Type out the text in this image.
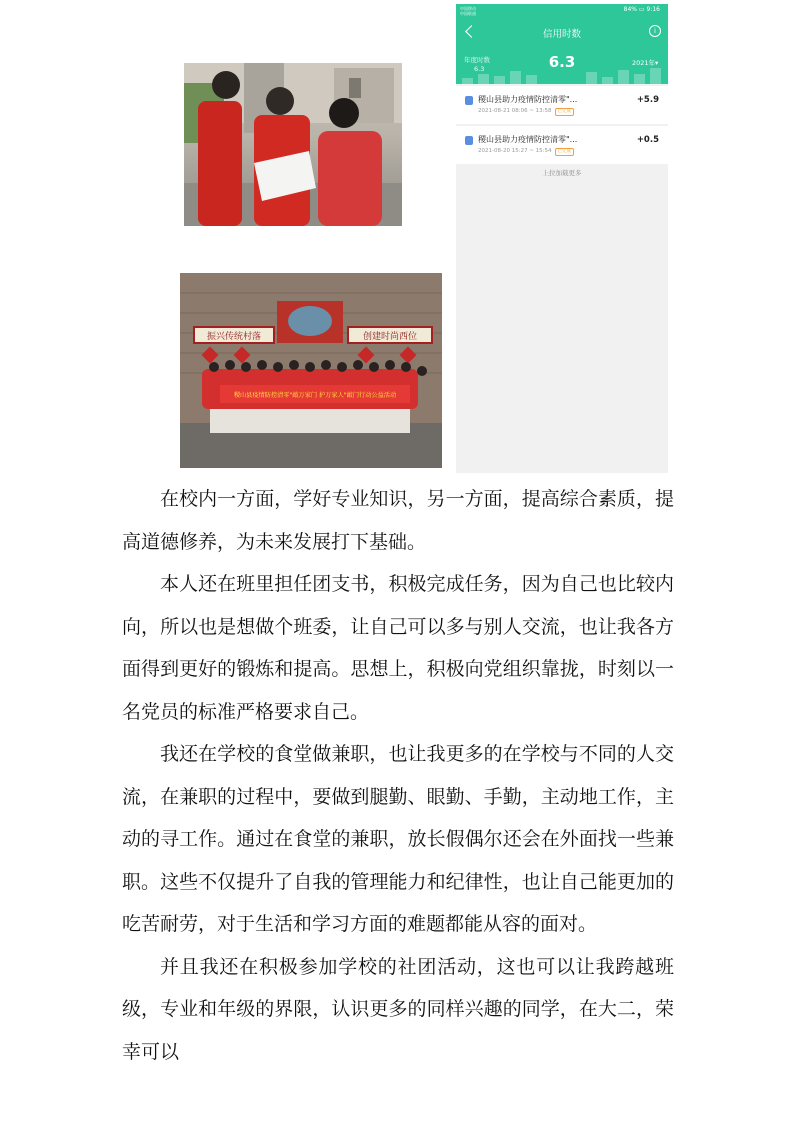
振兴传统村落	创建时尚西位
稷山县疫情防控清零"敲万家门 护万家人"敲门行动公益活动
中国移动
中国联通
84% ▭ 9:16
信用时数	i
年度时数
6.3	6.3	2021年▾
稷山县助力疫情防控清零"...
2021-08-21 08:06 ~ 13:58 已完成
+5.9
稷山县助力疫情防控清零"...
2021-08-20 15:27 ~ 15:54 已完成
+0.5
上拉加载更多

在校内一方面，学好专业知识，另一方面，提高综合素质，提高道德修养，为未来发展打下基础。

本人还在班里担任团支书，积极完成任务，因为自己也比较内向，所以也是想做个班委，让自己可以多与别人交流，也让我各方面得到更好的锻炼和提高。思想上，积极向党组织靠拢，时刻以一名党员的标准严格要求自己。

我还在学校的食堂做兼职，也让我更多的在学校与不同的人交流，在兼职的过程中，要做到腿勤、眼勤、手勤，主动地工作，主动的寻工作。通过在食堂的兼职，放长假偶尔还会在外面找一些兼职。这些不仅提升了自我的管理能力和纪律性，也让自己能更加的吃苦耐劳，对于生活和学习方面的难题都能从容的面对。

并且我还在积极参加学校的社团活动，这也可以让我跨越班级，专业和年级的界限，认识更多的同样兴趣的同学，在大二，荣幸可以
